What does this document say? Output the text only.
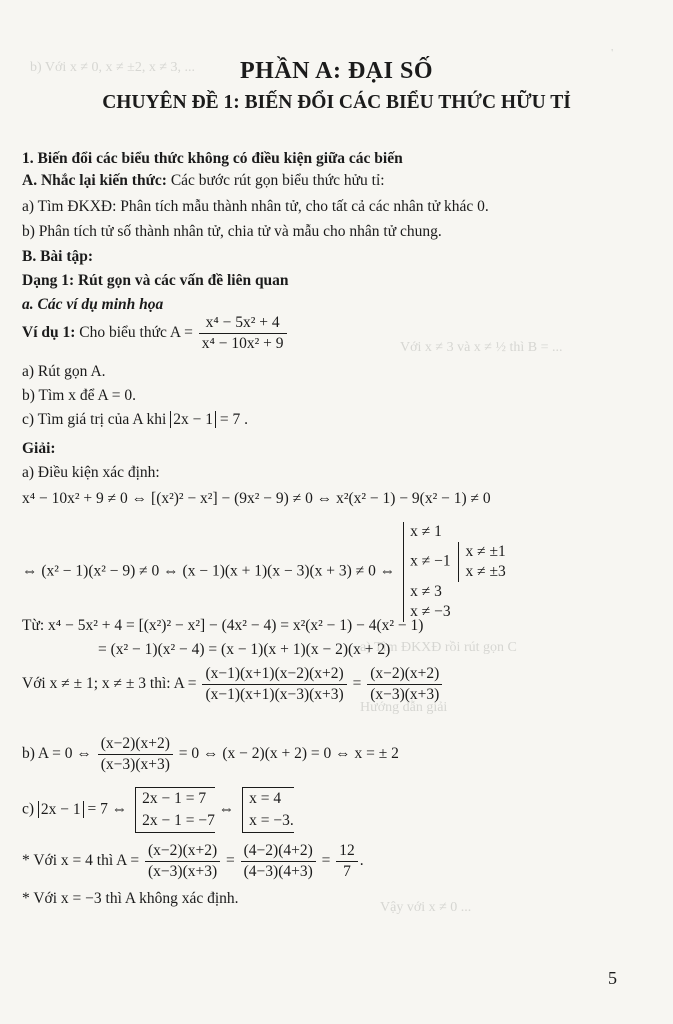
b) Với x ≠ 0, x ≠ ±2, x ≠ 3, ...
Với x ≠ 3 và x ≠ ½ thì B = ...
a) Tìm ĐKXĐ rồi rút gọn C
Hướng dẫn giải
Vậy với x ≠ 0 ...
PHẦN A: ĐẠI SỐ
CHUYÊN ĐỀ 1: BIẾN ĐỔI CÁC BIỂU THỨC HỮU TỈ
1. Biến đổi các biểu thức không có điều kiện giữa các biến
A. Nhắc lại kiến thức: Các bước rút gọn biểu thức hửu tỉ:
a) Tìm ĐKXĐ: Phân tích mẫu thành nhân tử, cho tất cả các nhân tử khác 0.
b) Phân tích tử số thành nhân tử, chia tử và mẫu cho nhân tử chung.
B. Bài tập:
Dạng 1: Rút gọn và các vấn đề liên quan
a. Các ví dụ minh họa
Ví dụ 1: Cho biểu thức $A = \frac{\text{x⁴ − 5x² + 4}}{\text{x⁴ − 10x² + 9}}$
a) Rút gọn A.
b) Tìm x để A = 0.
c) Tìm giá trị của A khi 2x − 1 = 7 .
Giải:
a) Điều kiện xác định:
x⁴ − 10x² + 9 ≠ 0 ⇔ [(x²)² − x²] − (9x² − 9) ≠ 0 ⇔ x²(x² − 1) − 9(x² − 1) ≠ 0
⇔ (x² − 1)(x² − 9) ≠ 0 ⇔ (x − 1)(x + 1)(x − 3)(x + 3) ≠ 0 ⇔
x ≠ 1
x ≠ −1
x ≠ ±1
x ≠ ±3
x ≠ 3
x ≠ −3
Từ: x⁴ − 5x² + 4 = [(x²)² − x²] − (4x² − 4) = x²(x² − 1) − 4(x² − 1)
= (x² − 1)(x² − 4) = (x − 1)(x + 1)(x − 2)(x + 2)
Với x ≠ ± 1; x ≠ ± 3 thì: $A = \frac{(x-1)(x+1)(x-2)(x+2)}{(x-1)(x+1)(x-3)(x+3)} = \frac{(x-2)(x+2)}{(x-3)(x+3)}$
b) A = 0 ⇔ $\frac{(x-2)(x+2)}{(x-3)(x+3)} = 0$ ⇔ (x − 2)(x + 2) = 0 ⇔ x = ± 2
c) 2x − 1 = 7 ⇔
2x − 1 = 7
2x − 1 = −7
⇔
x = 4
x = −3.
* Với x = 4 thì $A = \frac{(x-2)(x+2)}{(x-3)(x+3)} = \frac{(4-2)(4+2)}{(4-3)(4+3)} = \frac{12}{7}$ .
* Với x = −3 thì A không xác định.
5
'
